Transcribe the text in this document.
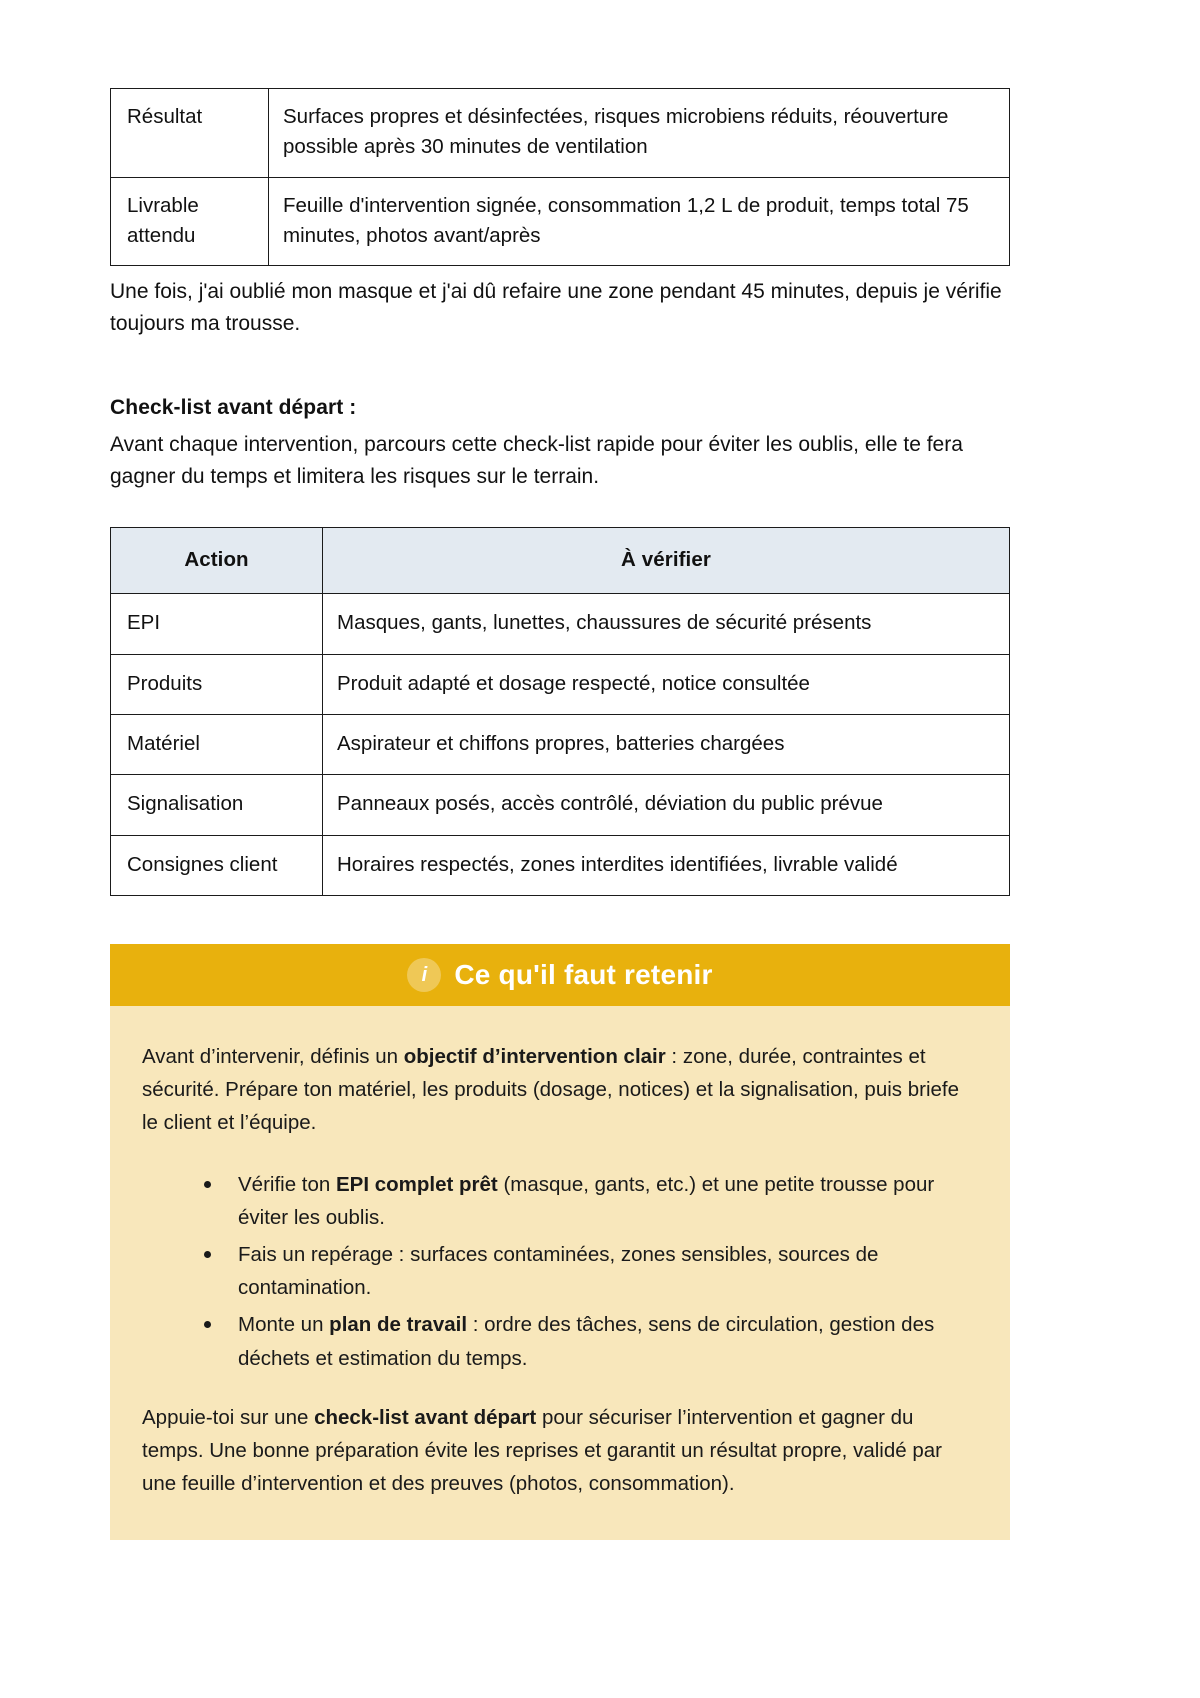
Résultat	Surfaces propres et désinfectées, risques microbiens réduits, réouverture possible après 30 minutes de ventilation
Livrable attendu	Feuille d'intervention signée, consommation 1,2 L de produit, temps total 75 minutes, photos avant/après

Une fois, j'ai oublié mon masque et j'ai dû refaire une zone pendant 45 minutes, depuis je vérifie toujours ma trousse.

Check-list avant départ :

Avant chaque intervention, parcours cette check-list rapide pour éviter les oublis, elle te fera gagner du temps et limitera les risques sur le terrain.

Action	À vérifier
EPI	Masques, gants, lunettes, chaussures de sécurité présents
Produits	Produit adapté et dosage respecté, notice consultée
Matériel	Aspirateur et chiffons propres, batteries chargées
Signalisation	Panneaux posés, accès contrôlé, déviation du public prévue
Consignes client	Horaires respectés, zones interdites identifiées, livrable validé
i Ce qu'il faut retenir

Avant d’intervenir, définis un objectif d’intervention clair : zone, durée, contraintes et sécurité. Prépare ton matériel, les produits (dosage, notices) et la signalisation, puis briefe le client et l’équipe.

Vérifie ton EPI complet prêt (masque, gants, etc.) et une petite trousse pour éviter les oublis.
Fais un repérage : surfaces contaminées, zones sensibles, sources de contamination.
Monte un plan de travail : ordre des tâches, sens de circulation, gestion des déchets et estimation du temps.

Appuie-toi sur une check-list avant départ pour sécuriser l’intervention et gagner du temps. Une bonne préparation évite les reprises et garantit un résultat propre, validé par une feuille d’intervention et des preuves (photos, consommation).
